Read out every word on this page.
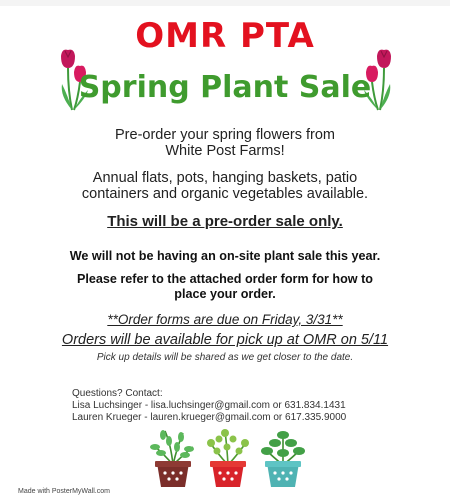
OMR PTA
Spring Plant Sale
Pre-order your spring flowers from
White Post Farms!
Annual flats, pots, hanging baskets, patio
containers and organic vegetables available.
This will be a pre-order sale only.
We will not be having an on-site plant sale this year.
Please refer to the attached order form for how to
place your order.
**Order forms are due on Friday, 3/31**
Orders will be available for pick up at OMR on 5/11
Pick up details will be shared as we get closer to the date.
Questions? Contact:
Lisa Luchsinger - lisa.luchsinger@gmail.com or 631.834.1431
Lauren Krueger - lauren.krueger@gmail.com or 617.335.9000
Made with PosterMyWall.com
